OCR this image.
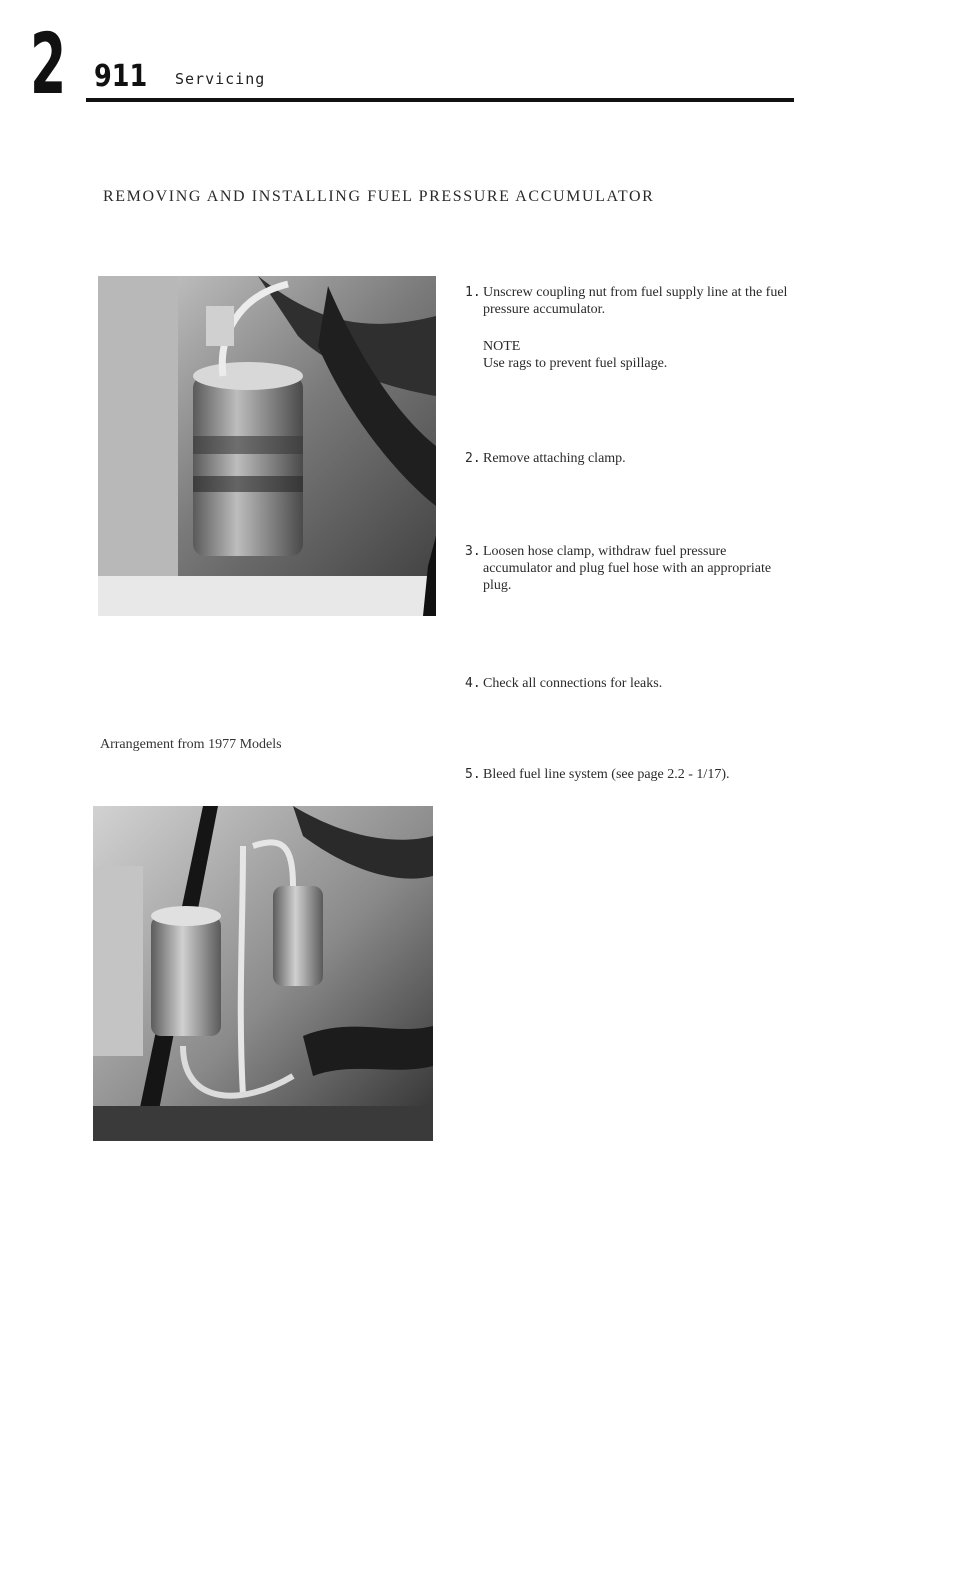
2 911 Servicing
REMOVING AND INSTALLING FUEL PRESSURE ACCUMULATOR
Arrangement from 1977 Models
1. Unscrew coupling nut from fuel supply line at the fuel pressure accumulator.
NOTE
Use rags to prevent fuel spillage.
2. Remove attaching clamp.
3. Loosen hose clamp, withdraw fuel pressure accumulator and plug fuel hose with an appropriate plug.
4. Check all connections for leaks.
5. Bleed fuel line system (see page 2.2 - 1/17).
